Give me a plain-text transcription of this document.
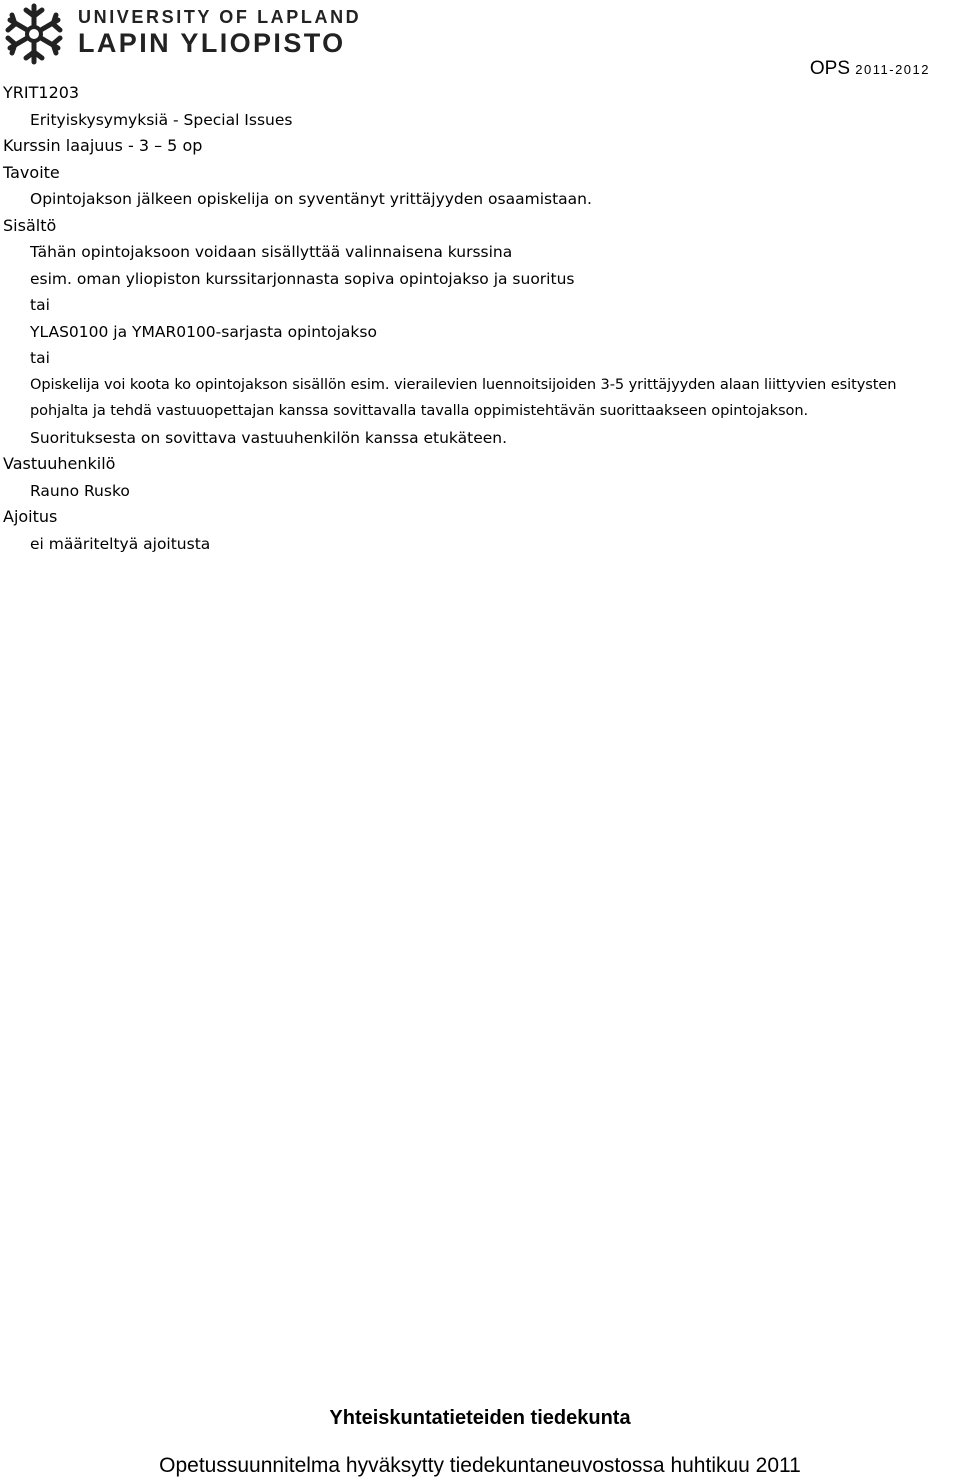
UNIVERSITY OF LAPLAND
LAPIN YLIOPISTO
OPS 2011-2012
YRIT1203
Erityiskysymyksiä - Special Issues
Kurssin laajuus - 3 – 5 op
Tavoite
Opintojakson jälkeen opiskelija on syventänyt yrittäjyyden osaamistaan.
Sisältö
Tähän opintojaksoon voidaan sisällyttää valinnaisena kurssina
esim. oman yliopiston kurssitarjonnasta sopiva opintojakso ja suoritus
tai
YLAS0100 ja YMAR0100-sarjasta opintojakso
tai
Opiskelija voi koota ko opintojakson sisällön esim. vierailevien luennoitsijoiden 3-5 yrittäjyyden alaan liittyvien esitysten
pohjalta ja tehdä vastuuopettajan kanssa sovittavalla tavalla oppimistehtävän suorittaakseen opintojakson.
Suorituksesta on sovittava vastuuhenkilön kanssa etukäteen.
Vastuuhenkilö
Rauno Rusko
Ajoitus
ei määriteltyä ajoitusta
Yhteiskuntatieteiden tiedekunta
Opetussuunnitelma hyväksytty tiedekuntaneuvostossa huhtikuu 2011
